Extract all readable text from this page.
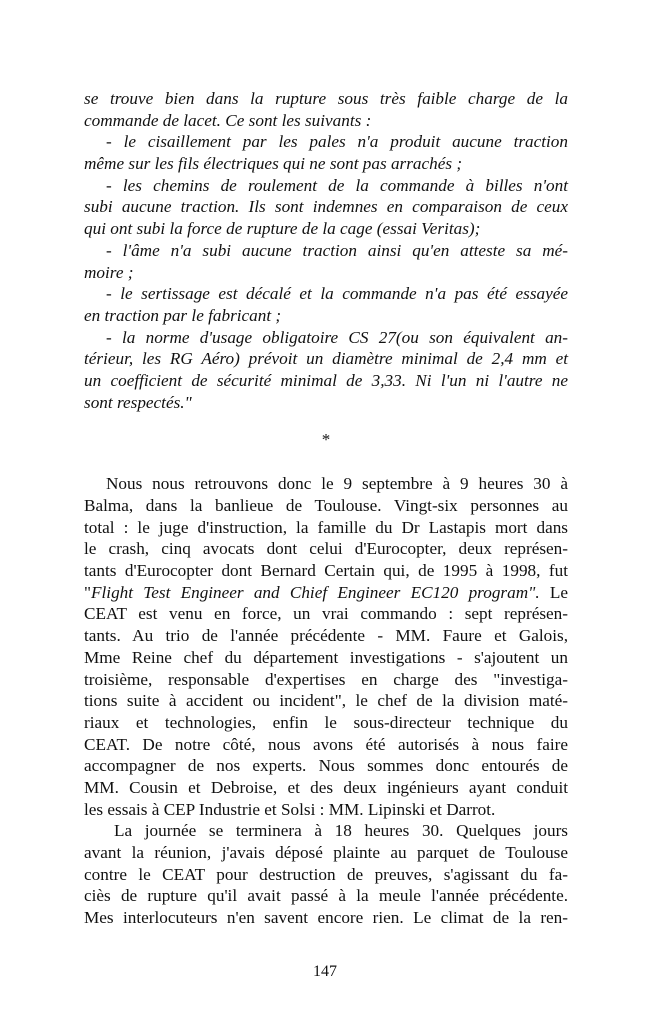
se trouve bien dans la rupture sous très faible charge de la
commande de lacet. Ce sont les suivants :
- le cisaillement par les pales n'a produit aucune traction
même sur les fils électriques qui ne sont pas arrachés ;
- les chemins de roulement de la commande à billes n'ont
subi aucune traction. Ils sont indemnes en comparaison de ceux
qui ont subi la force de rupture de la cage (essai Veritas);
- l'âme n'a subi aucune traction ainsi qu'en atteste sa mé-
moire ;
- le sertissage est décalé et la commande n'a pas été essayée
en traction par le fabricant ;
- la norme d'usage obligatoire CS 27(ou son équivalent an-
térieur, les RG Aéro) prévoit un diamètre minimal de 2,4 mm et
un coefficient de sécurité minimal de 3,33. Ni l'un ni l'autre ne
sont respectés."
*
Nous nous retrouvons donc le 9 septembre à 9 heures 30 à
Balma, dans la banlieue de Toulouse. Vingt-six personnes au
total : le juge d'instruction, la famille du Dr Lastapis mort dans
le crash, cinq avocats dont celui d'Eurocopter, deux représen-
tants d'Eurocopter dont Bernard Certain qui, de 1995 à 1998, fut
"Flight Test Engineer and Chief Engineer EC120 program". Le
CEAT est venu en force, un vrai commando : sept représen-
tants. Au trio de l'année précédente - MM. Faure et Galois,
Mme Reine chef du département investigations - s'ajoutent un
troisième, responsable d'expertises en charge des "investiga-
tions suite à accident ou incident", le chef de la division maté-
riaux et technologies, enfin le sous-directeur technique du
CEAT. De notre côté, nous avons été autorisés à nous faire
accompagner de nos experts. Nous sommes donc entourés de
MM. Cousin et Debroise, et des deux ingénieurs ayant conduit
les essais à CEP Industrie et Solsi : MM. Lipinski et Darrot.
La journée se terminera à 18 heures 30. Quelques jours
avant la réunion, j'avais déposé plainte au parquet de Toulouse
contre le CEAT pour destruction de preuves, s'agissant du fa-
ciès de rupture qu'il avait passé à la meule l'année précédente.
Mes interlocuteurs n'en savent encore rien. Le climat de la ren-
147
